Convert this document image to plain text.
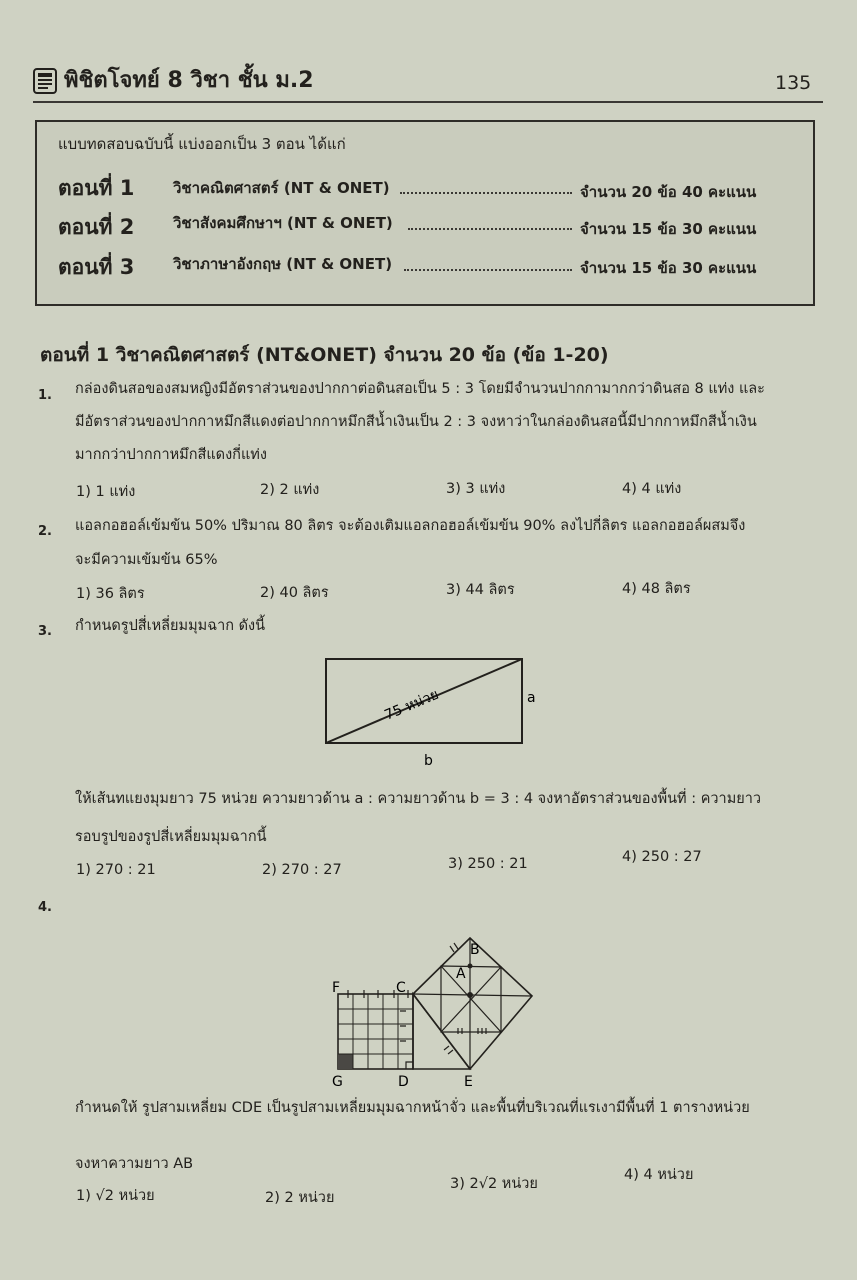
พิชิตโจทย์ 8 วิชา ชั้น ม.2	135
แบบทดสอบฉบับนี้ แบ่งออกเป็น 3 ตอน ได้แก่
ตอนที่ 1	วิชาคณิตศาสตร์ (NT & ONET)	จำนวน 20 ข้อ 40 คะแนน
ตอนที่ 2	วิชาสังคมศึกษาฯ (NT & ONET)	จำนวน 15 ข้อ 30 คะแนน
ตอนที่ 3	วิชาภาษาอังกฤษ (NT & ONET)	จำนวน 15 ข้อ 30 คะแนน
ตอนที่ 1 วิชาคณิตศาสตร์ (NT&ONET) จำนวน 20 ข้อ (ข้อ 1-20)
1. กล่องดินสอของสมหญิงมีอัตราส่วนของปากกาต่อดินสอเป็น 5 : 3 โดยมีจำนวนปากกามากกว่าดินสอ 8 แท่ง และ
มีอัตราส่วนของปากกาหมึกสีแดงต่อปากกาหมึกสีน้ำเงินเป็น 2 : 3 จงหาว่าในกล่องดินสอนี้มีปากกาหมึกสีน้ำเงิน
มากกว่าปากกาหมึกสีแดงกี่แท่ง
1) 1 แท่ง	2) 2 แท่ง	3) 3 แท่ง	4) 4 แท่ง
2. แอลกอฮอล์เข้มข้น 50% ปริมาณ 80 ลิตร จะต้องเติมแอลกอฮอล์เข้มข้น 90% ลงไปกี่ลิตร แอลกอฮอล์ผสมจึง
จะมีความเข้มข้น 65%
1) 36 ลิตร	2) 40 ลิตร	3) 44 ลิตร	4) 48 ลิตร
3. กำหนดรูปสี่เหลี่ยมมุมฉาก ดังนี้
75 หน่วย	a
b
ให้เส้นทแยงมุมยาว 75 หน่วย ความยาวด้าน a : ความยาวด้าน b = 3 : 4 จงหาอัตราส่วนของพื้นที่ : ความยาว
รอบรูปของรูปสี่เหลี่ยมมุมฉากนี้
1) 270 : 21	2) 270 : 27	3) 250 : 21	4) 250 : 27
4.
F	C
B
A
G	D	E
กำหนดให้ รูปสามเหลี่ยม CDE เป็นรูปสามเหลี่ยมมุมฉากหน้าจั่ว และพื้นที่บริเวณที่แรเงามีพื้นที่ 1 ตารางหน่วย
จงหาความยาว AB
1) √2 หน่วย	2) 2 หน่วย
3) 2√2 หน่วย
4) 4 หน่วย
